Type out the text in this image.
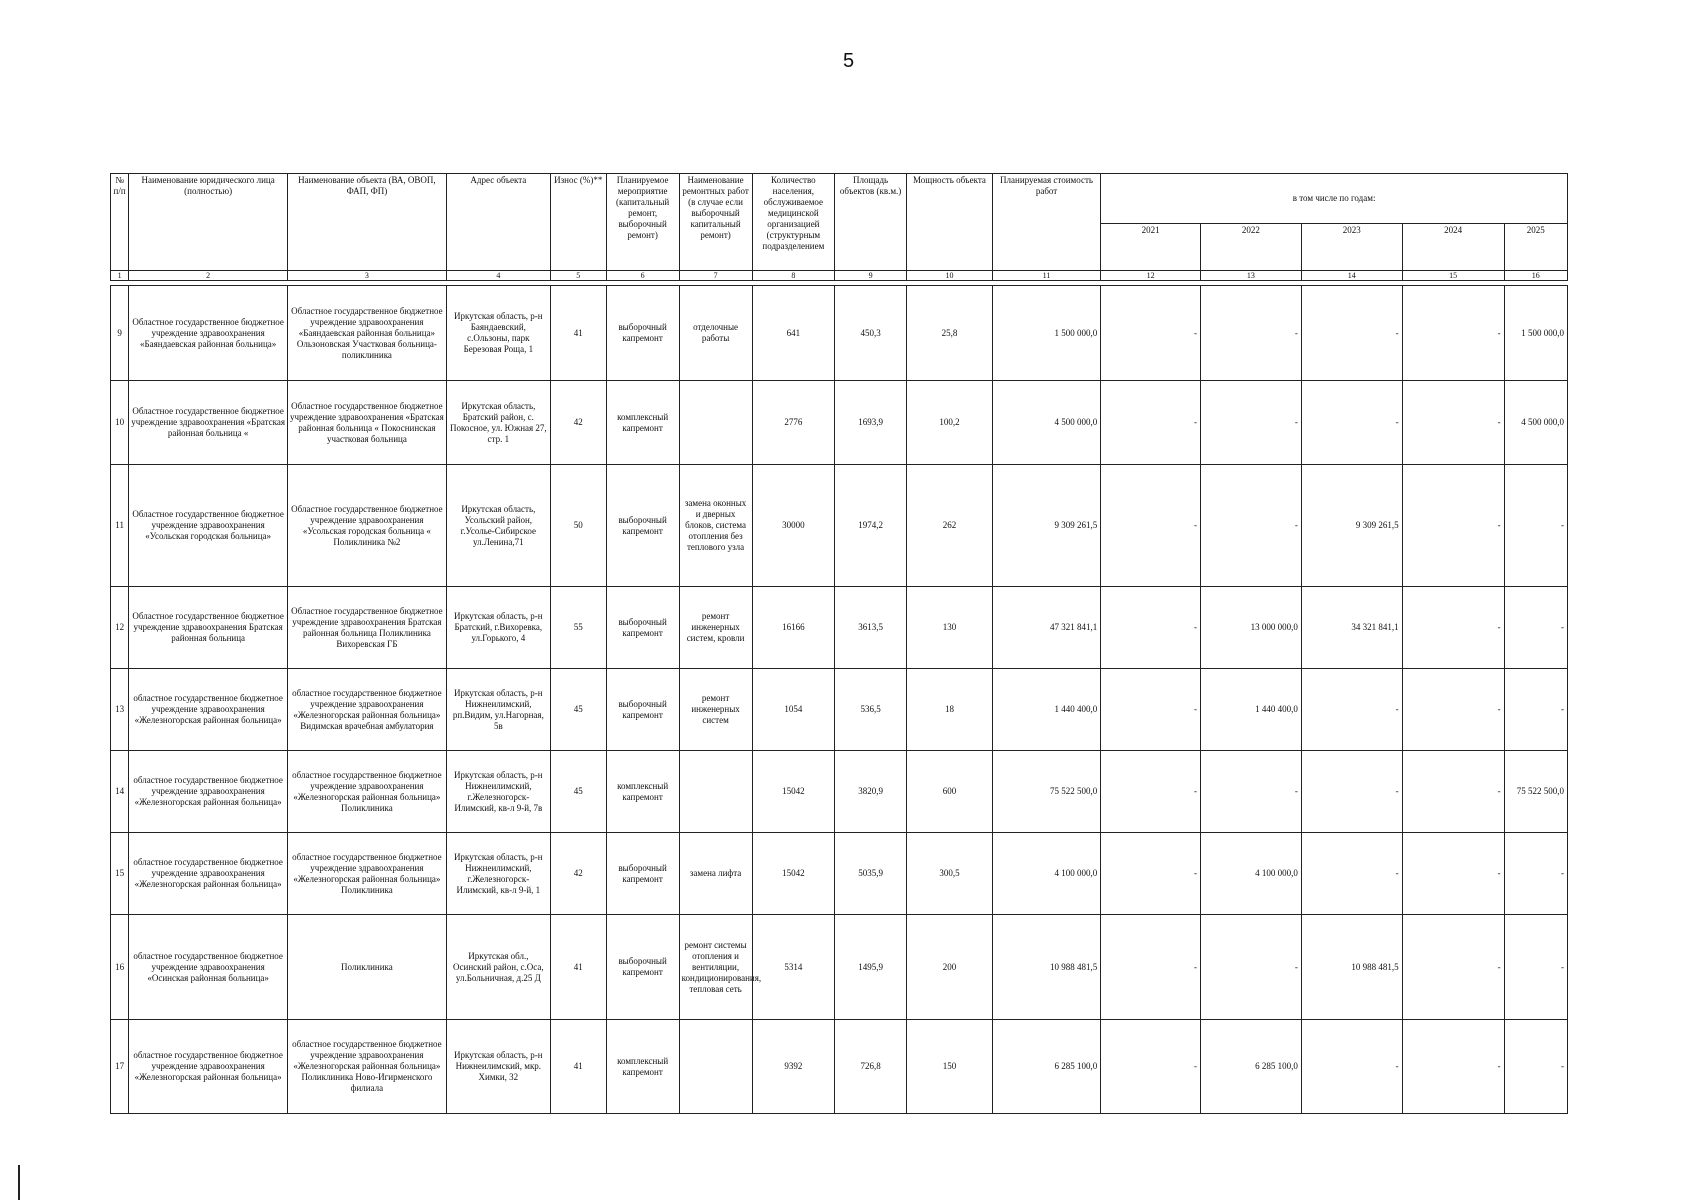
5
№ п/п	Наименование юридического лица (полностью)	Наименование объекта (ВА, ОВОП, ФАП, ФП)	Адрес объекта	Износ (%)**	Планируемое мероприятие (капитальный ремонт, выборочный ремонт)	Наименование ремонтных работ (в случае если выборочный капитальный ремонт)	Количество населения, обслуживаемое медицинской организацией (структурным подразделением	Площадь объектов (кв.м.)	Мощность объекта	Планируемая стоимость работ	в том числе по годам:				
											2021	2022	2023	2024	2025
1	2	3	4	5	6	7	8	9	10	11	12	13	14	15	16

9	Областное государственное бюджетное учреждение здравоохранения «Баяндаевская районная больница»	Областное государственное бюджетное учреждение здравоохранения «Баяндаевская районная больница» Ользоновская Участковая больница-поликлиника	Иркутская область, р-н Баяндаевский, с.Ользоны, парк Березовая Роща, 1	41	выборочный капремонт	отделочные работы	641	450,3	25,8	1 500 000,0	-	-	-	-	1 500 000,0
10	Областное государственное бюджетное учреждение здравоохранения «Братская районная больница «	Областное государственное бюджетное учреждение здравоохранения «Братская районная больница « Покоснинская участковая больница	Иркутская область, Братский район, с. Покосное, ул. Южная 27, стр. 1	42	комплексный капремонт		2776	1693,9	100,2	4 500 000,0	-	-	-	-	4 500 000,0
11	Областное государственное бюджетное учреждение здравоохранения «Усольская городская больница»	Областное государственное бюджетное учреждение здравоохранения «Усольская городская больница « Поликлиника №2	Иркутская область, Усольский район, г.Усолье-Сибирское ул.Ленина,71	50	выборочный капремонт	замена оконных и дверных блоков, система отопления без теплового узла	30000	1974,2	262	9 309 261,5	-	-	9 309 261,5	-	-
12	Областное государственное бюджетное учреждение здравоохранения Братская районная больница	Областное государственное бюджетное учреждение здравоохранения Братская районная больница Поликлиника Вихоревская ГБ	Иркутская область, р-н Братский, г.Вихоревка, ул.Горького, 4	55	выборочный капремонт	ремонт инженерных систем, кровли	16166	3613,5	130	47 321 841,1	-	13 000 000,0	34 321 841,1	-	-
13	областное государственное бюджетное учреждение здравоохранения «Железногорская районная больница»	областное государственное бюджетное учреждение здравоохранения «Железногорская районная больница» Видимская врачебная амбулатория	Иркутская область, р-н Нижнеилимский, рп.Видим, ул.Нагорная, 5в	45	выборочный капремонт	ремонт инженерных систем	1054	536,5	18	1 440 400,0	-	1 440 400,0	-	-	-
14	областное государственное бюджетное учреждение здравоохранения «Железногорская районная больница»	областное государственное бюджетное учреждение здравоохранения «Железногорская районная больница» Поликлиника	Иркутская область, р-н Нижнеилимский, г.Железногорск-Илимский, кв-л 9-й, 7в	45	комплексный капремонт		15042	3820,9	600	75 522 500,0	-	-	-	-	75 522 500,0
15	областное государственное бюджетное учреждение здравоохранения «Железногорская районная больница»	областное государственное бюджетное учреждение здравоохранения «Железногорская районная больница» Поликлиника	Иркутская область, р-н Нижнеилимский, г.Железногорск-Илимский, кв-л 9-й, 1	42	выборочный капремонт	замена лифта	15042	5035,9	300,5	4 100 000,0	-	4 100 000,0	-	-	-
16	областное государственное бюджетное учреждение здравоохранения «Осинская районная больница»	Поликлиника	Иркутская обл., Осинский район, с.Оса, ул.Больничная, д.25 Д	41	выборочный капремонт	ремонт системы отопления и вентиляции, кондиционирования, тепловая сеть	5314	1495,9	200	10 988 481,5	-	-	10 988 481,5	-	-
17	областное государственное бюджетное учреждение здравоохранения «Железногорская районная больница»	областное государственное бюджетное учреждение здравоохранения «Железногорская районная больница» Поликлиника Ново-Игирменского филиала	Иркутская область, р-н Нижнеилимский, мкр. Химки, 32	41	комплексный капремонт		9392	726,8	150	6 285 100,0	-	6 285 100,0	-	-	-
